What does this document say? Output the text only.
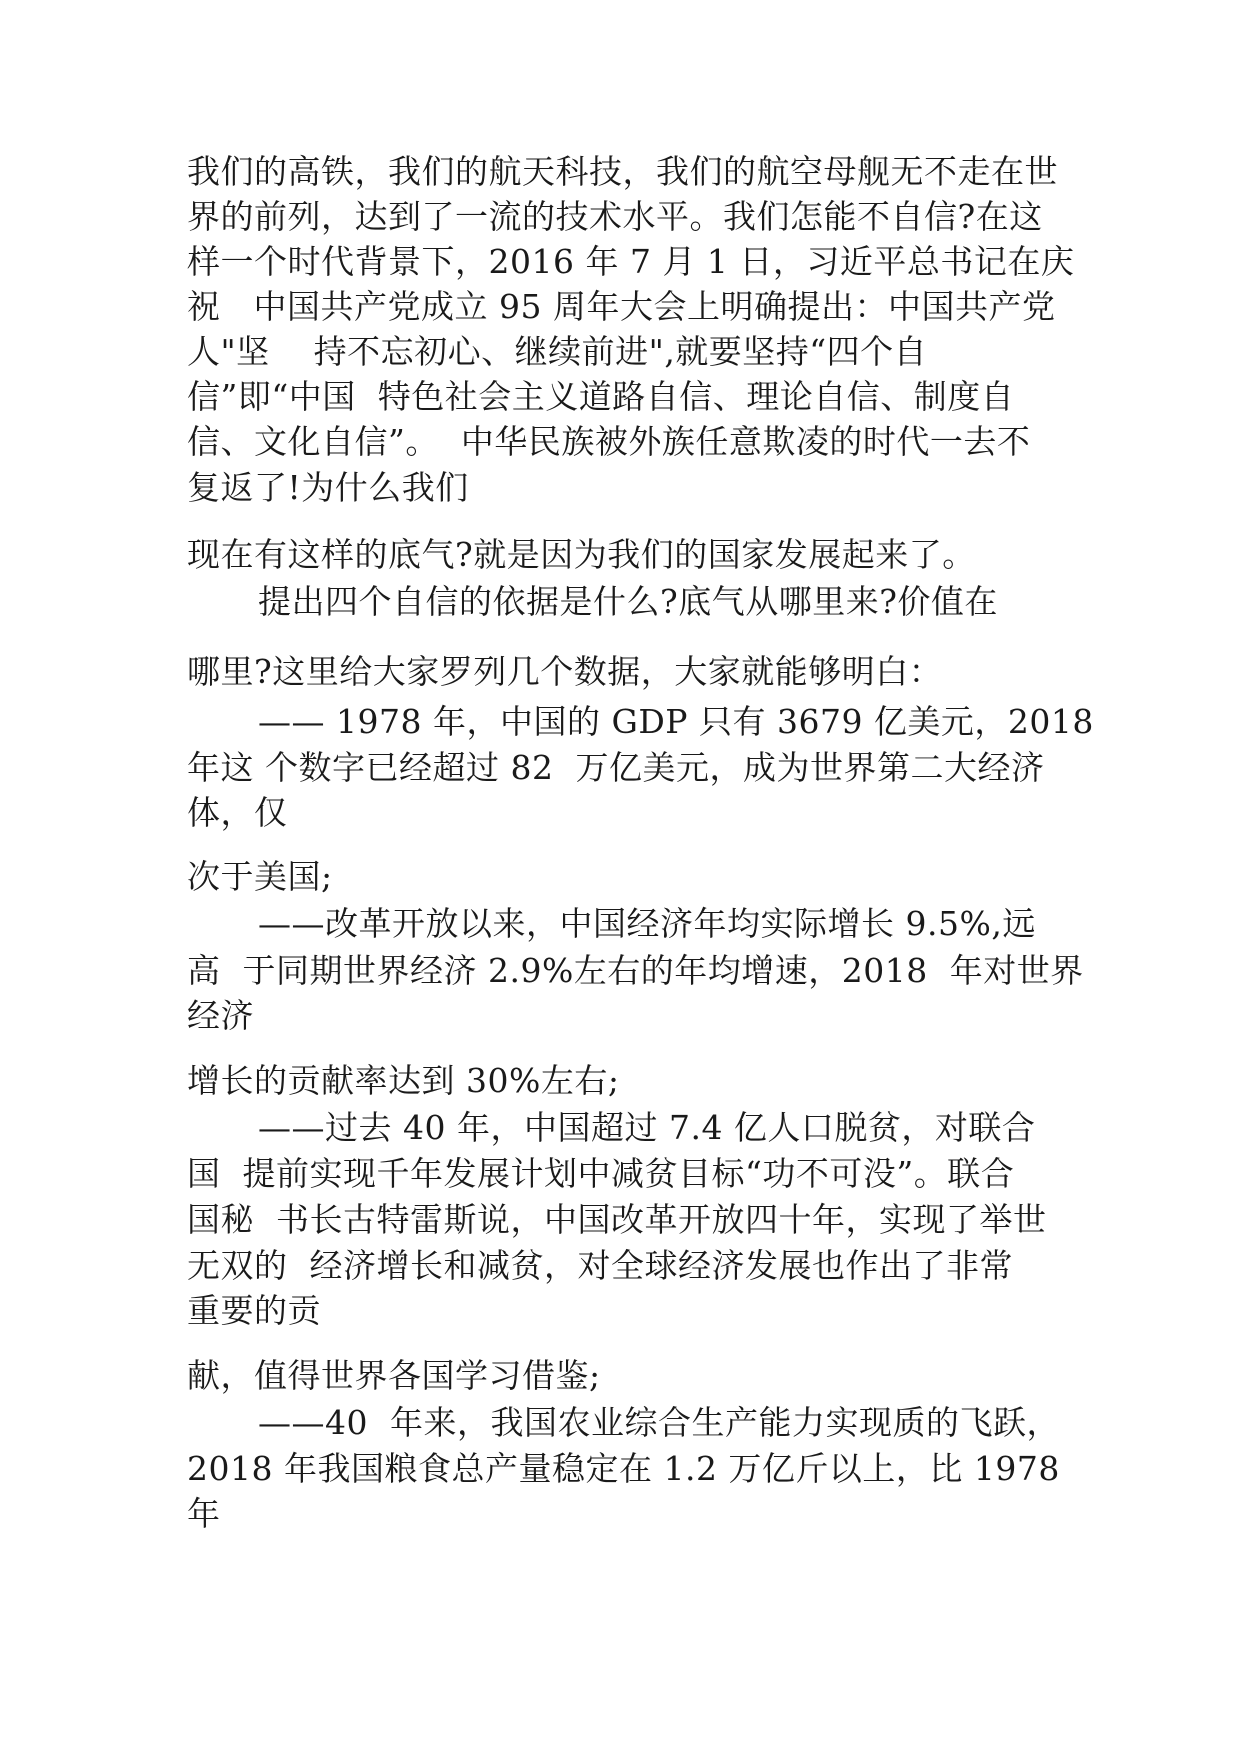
我们的高铁，我们的航天科技，我们的航空母舰无不走在世
界的前列，达到了一流的技术水平。我们怎能不自信?在这
样一个时代背景下，2016 年 7 月 1 日，习近平总书记在庆
祝   中国共产党成立 95 周年大会上明确提出：中国共产党
人"坚    持不忘初心、继续前进",就要坚持“四个自
信”即“中国  特色社会主义道路自信、理论自信、制度自
信、文化自信”。  中华民族被外族任意欺凌的时代一去不
复返了!为什么我们
现在有这样的底气?就是因为我们的国家发展起来了。
提出四个自信的依据是什么?底气从哪里来?价值在
哪里?这里给大家罗列几个数据，大家就能够明白：
—— 1978 年，中国的 GDP 只有 3679 亿美元，2018
年这 个数字已经超过 82  万亿美元，成为世界第二大经济
体，仅
次于美国;
——改革开放以来，中国经济年均实际增长 9.5%,远
高  于同期世界经济 2.9%左右的年均增速，2018  年对世界
经济
增长的贡献率达到 30%左右;
——过去 40 年，中国超过 7.4 亿人口脱贫，对联合
国  提前实现千年发展计划中减贫目标“功不可没”。联合
国秘  书长古特雷斯说，中国改革开放四十年，实现了举世
无双的  经济增长和减贫，对全球经济发展也作出了非常
重要的贡
献，值得世界各国学习借鉴;
——40  年来，我国农业综合生产能力实现质的飞跃，
2018 年我国粮食总产量稳定在 1.2 万亿斤以上，比 1978
年
